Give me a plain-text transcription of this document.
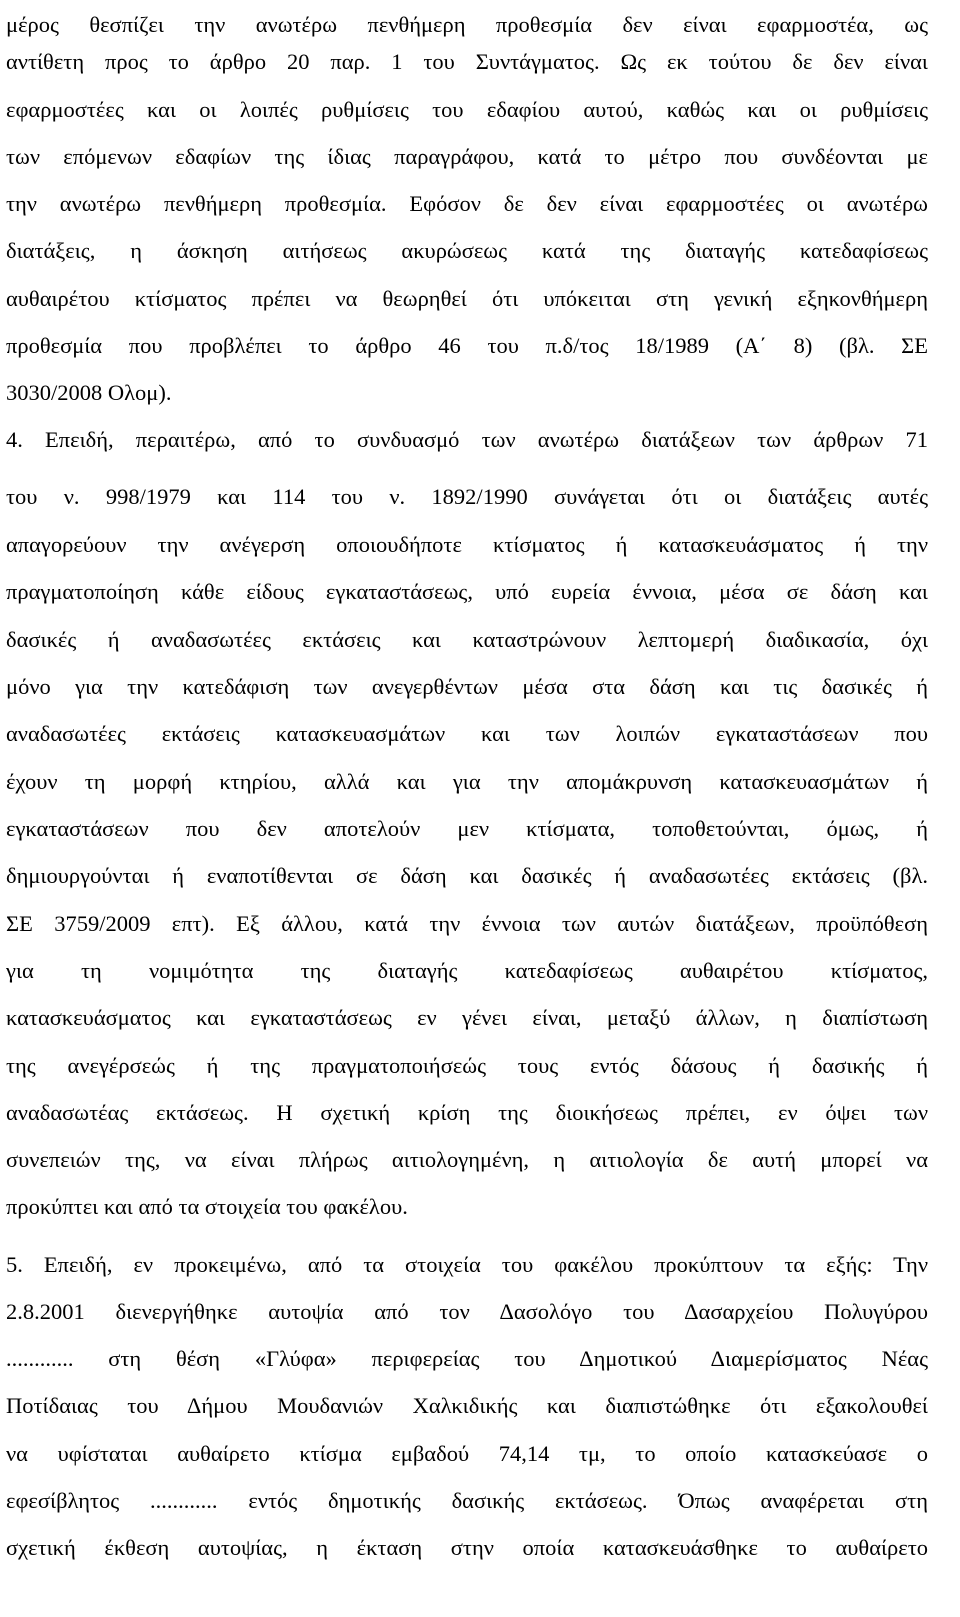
μέρος θεσπίζει την ανωτέρω πενθήμερη προθεσμία δεν είναι εφαρμοστέα, ως
αντίθετη προς το άρθρο 20 παρ. 1 του Συντάγματος. Ως εκ τούτου δε δεν είναι
εφαρμοστέες και οι λοιπές ρυθμίσεις του εδαφίου αυτού, καθώς και οι ρυθμίσεις
των επόμενων εδαφίων της ίδιας παραγράφου, κατά το μέτρο που συνδέονται με
την ανωτέρω πενθήμερη προθεσμία. Εφόσον δε δεν είναι εφαρμοστέες οι ανωτέρω
διατάξεις, η άσκηση αιτήσεως ακυρώσεως κατά της διαταγής κατεδαφίσεως
αυθαιρέτου κτίσματος πρέπει να θεωρηθεί ότι υπόκειται στη γενική εξηκονθήμερη
προθεσμία που προβλέπει το άρθρο 46 του π.δ/τος 18/1989 (Α΄ 8) (βλ. ΣΕ
3030/2008 Ολομ).
4. Επειδή, περαιτέρω, από το συνδυασμό των ανωτέρω διατάξεων των άρθρων 71
του ν. 998/1979 και 114 του ν. 1892/1990 συνάγεται ότι οι διατάξεις αυτές
απαγορεύουν την ανέγερση οποιουδήποτε κτίσματος ή κατασκευάσματος ή την
πραγματοποίηση κάθε είδους εγκαταστάσεως, υπό ευρεία έννοια, μέσα σε δάση και
δασικές ή αναδασωτέες εκτάσεις και καταστρώνουν λεπτομερή διαδικασία, όχι
μόνο για την κατεδάφιση των ανεγερθέντων μέσα στα δάση και τις δασικές ή
αναδασωτέες εκτάσεις κατασκευασμάτων και των λοιπών εγκαταστάσεων που
έχουν τη μορφή κτηρίου, αλλά και για την απομάκρυνση κατασκευασμάτων ή
εγκαταστάσεων που δεν αποτελούν μεν κτίσματα, τοποθετούνται, όμως, ή
δημιουργούνται ή εναποτίθενται σε δάση και δασικές ή αναδασωτέες εκτάσεις (βλ.
ΣΕ 3759/2009 επτ). Εξ άλλου, κατά την έννοια των αυτών διατάξεων, προϋπόθεση
για τη νομιμότητα της διαταγής κατεδαφίσεως αυθαιρέτου κτίσματος,
κατασκευάσματος και εγκαταστάσεως εν γένει είναι, μεταξύ άλλων, η διαπίστωση
της ανεγέρσεώς ή της πραγματοποιήσεώς τους εντός δάσους ή δασικής ή
αναδασωτέας εκτάσεως. Η σχετική κρίση της διοικήσεως πρέπει, εν όψει των
συνεπειών της, να είναι πλήρως αιτιολογημένη, η αιτιολογία δε αυτή μπορεί να
προκύπτει και από τα στοιχεία του φακέλου.
5. Επειδή, εν προκειμένω, από τα στοιχεία του φακέλου προκύπτουν τα εξής: Την
2.8.2001 διενεργήθηκε αυτοψία από τον Δασολόγο του Δασαρχείου Πολυγύρου
............ στη θέση «Γλύφα» περιφερείας του Δημοτικού Διαμερίσματος Νέας
Ποτίδαιας του Δήμου Μουδανιών Χαλκιδικής και διαπιστώθηκε ότι εξακολουθεί
να υφίσταται αυθαίρετο κτίσμα εμβαδού 74,14 τμ, το οποίο κατασκεύασε ο
εφεσίβλητος ............ εντός δημοτικής δασικής εκτάσεως. Όπως αναφέρεται στη
σχετική έκθεση αυτοψίας, η έκταση στην οποία κατασκευάσθηκε το αυθαίρετο
